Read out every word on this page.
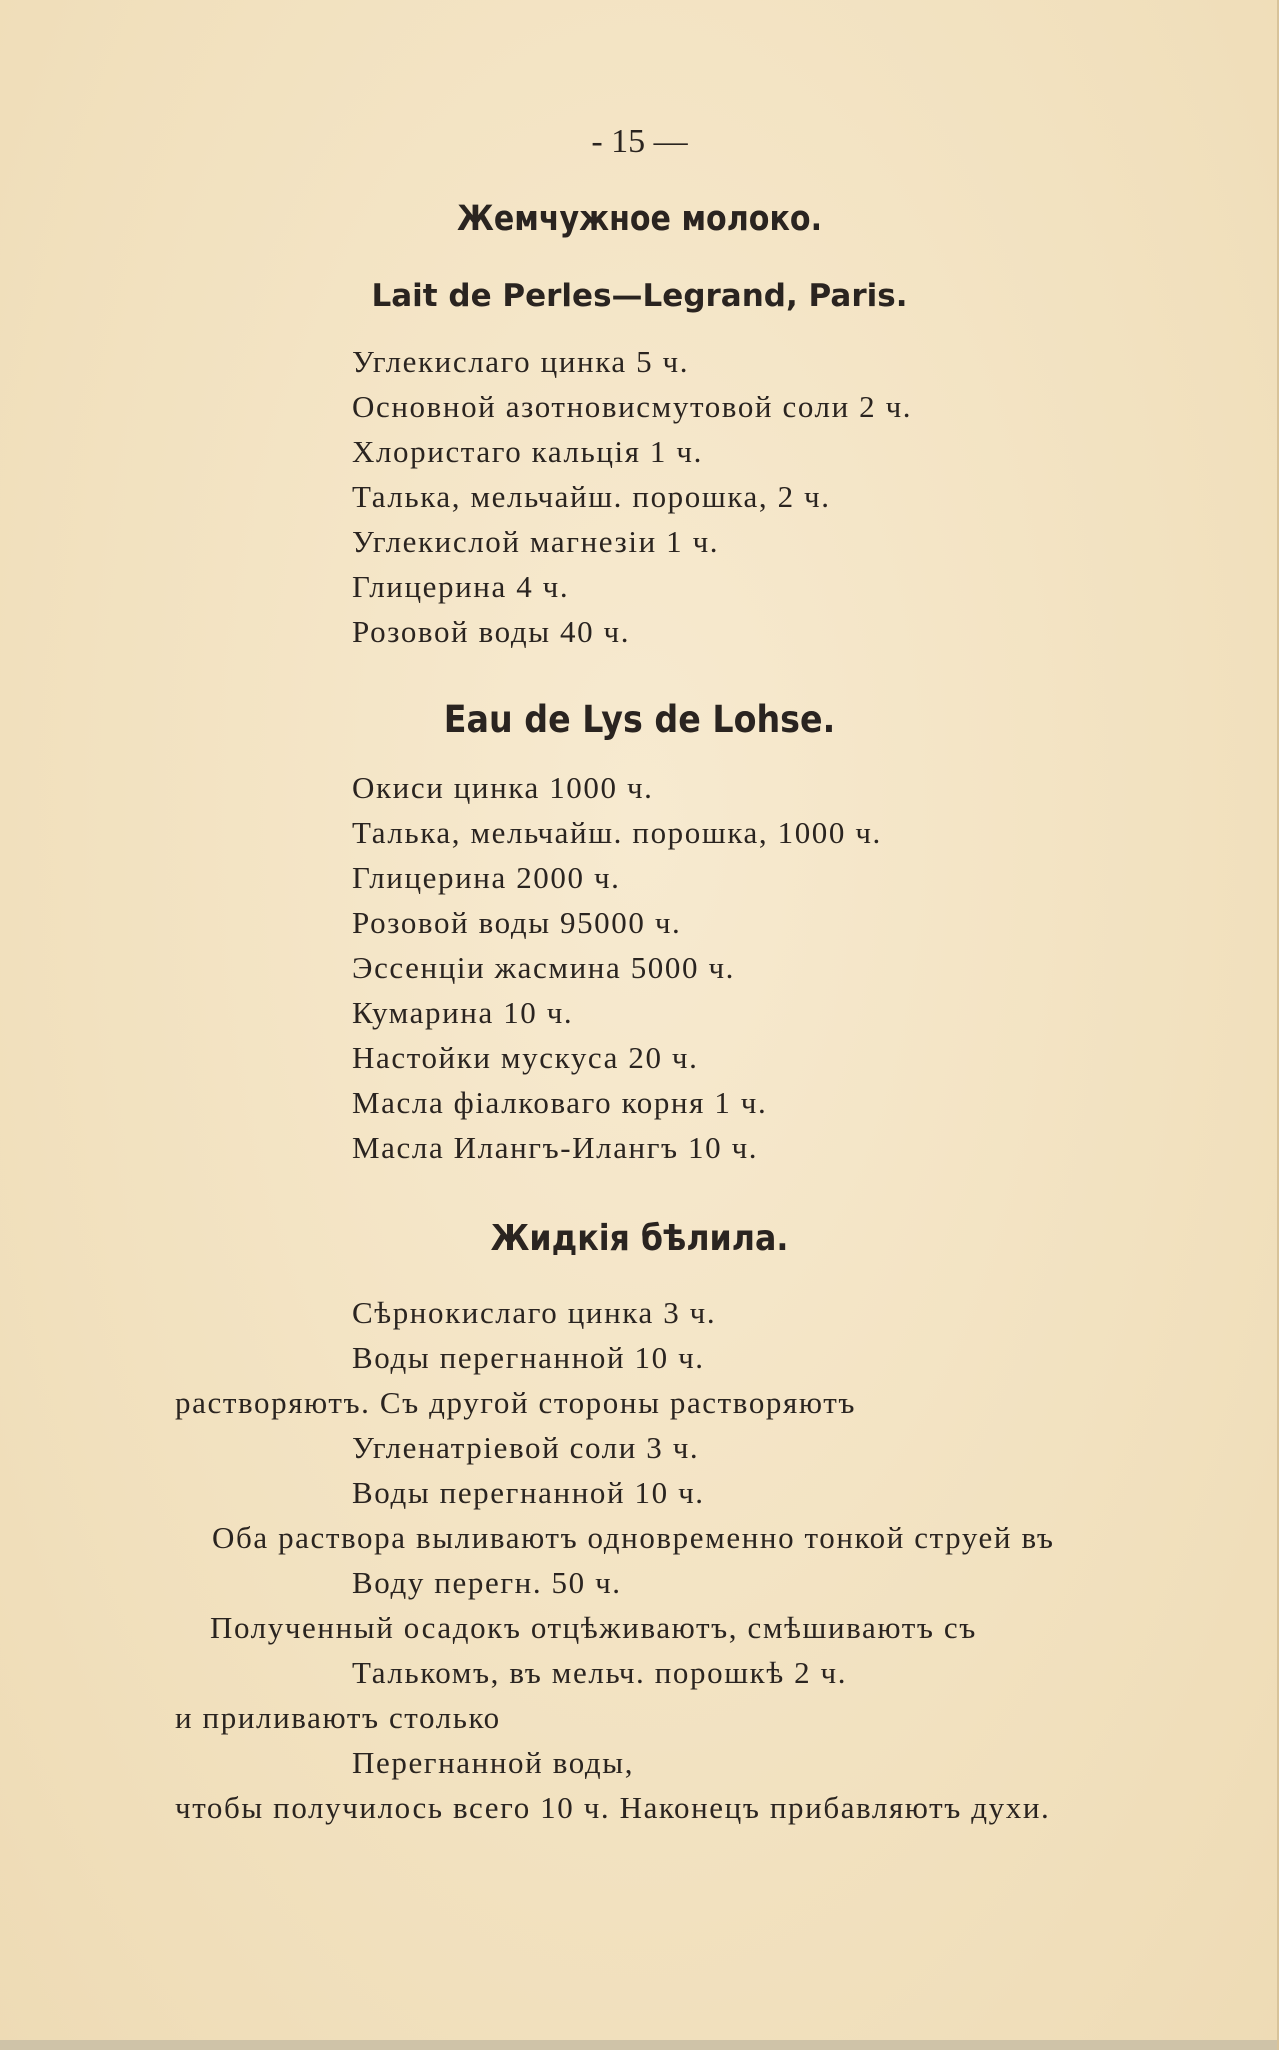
- 15 —
Жемчужное молоко.
Lait de Perles—Legrand, Paris.
Углекислаго цинка 5 ч.
Основной азотновисмутовой соли 2 ч.
Хлористаго кальція 1 ч.
Талька, мельчайш. порошка, 2 ч.
Углекислой магнезіи 1 ч.
Глицерина 4 ч.
Розовой воды 40 ч.
Eau de Lys de Lohse.
Окиси цинка 1000 ч.
Талька, мельчайш. порошка, 1000 ч.
Глицерина 2000 ч.
Розовой воды 95000 ч.
Эссенціи жасмина 5000 ч.
Кумарина 10 ч.
Настойки мускуса 20 ч.
Масла фіалковаго корня 1 ч.
Масла Илангъ-Илангъ 10 ч.
Жидкія бѣлила.
Сѣрнокислаго цинка 3 ч.
Воды перегнанной 10 ч.
растворяютъ. Съ другой стороны растворяютъ
Угленатріевой соли 3 ч.
Воды перегнанной 10 ч.
Оба раствора выливаютъ одновременно тонкой струей въ
Воду перегн. 50 ч.
Полученный осадокъ отцѣживаютъ, смѣшиваютъ съ
Талькомъ, въ мельч. порошкѣ 2 ч.
и приливаютъ столько
Перегнанной воды,
чтобы получилось всего 10 ч. Наконецъ прибавляютъ духи.
